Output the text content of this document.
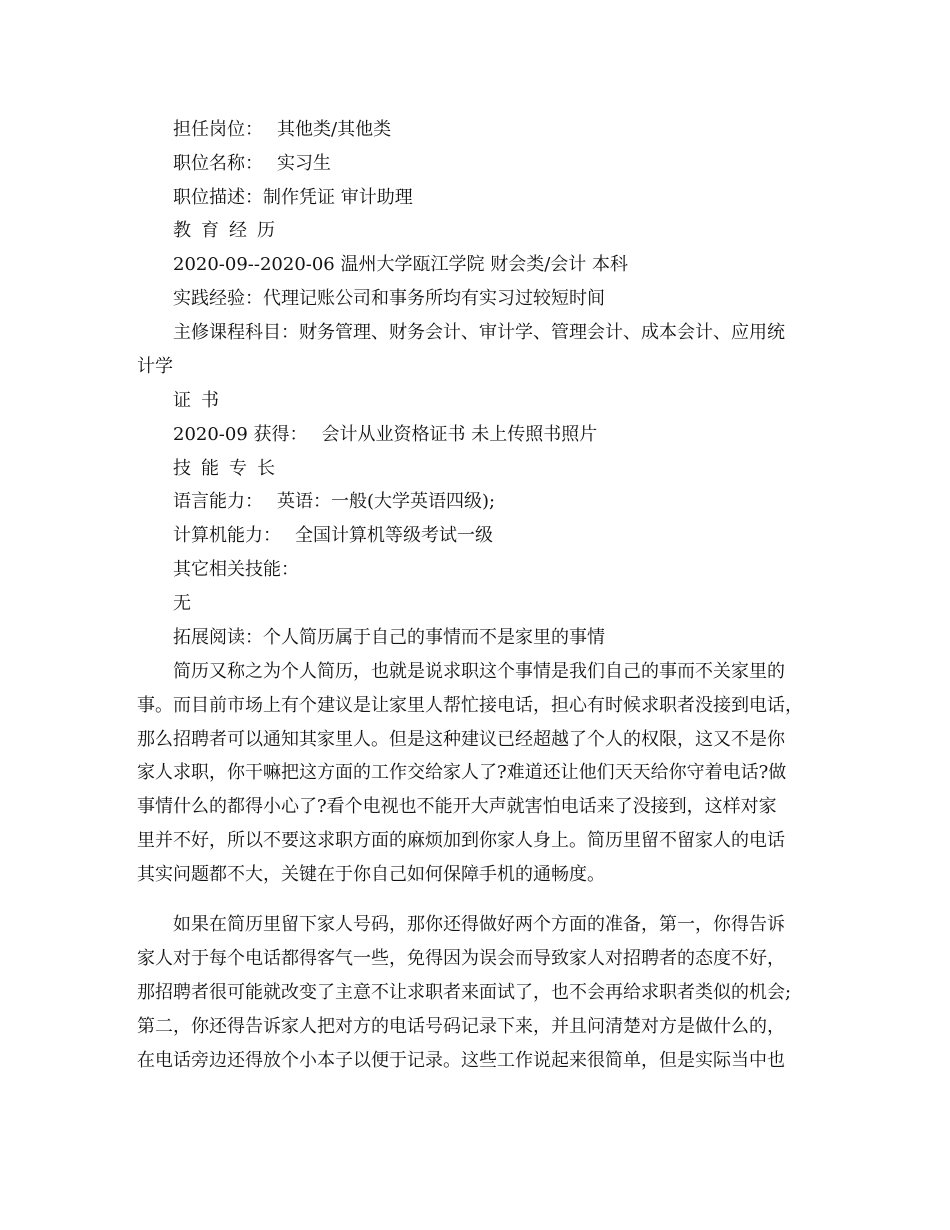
担任岗位： 其他类/其他类
职位名称： 实习生
职位描述：制作凭证 审计助理
教育经历
2020-09--2020-06 温州大学瓯江学院 财会类/会计 本科
实践经验：代理记账公司和事务所均有实习过较短时间
主修课程科目：财务管理、财务会计、审计学、管理会计、成本会计、应用统
计学
证书
2020-09 获得： 会计从业资格证书 未上传照书照片
技能专长
语言能力： 英语：一般(大学英语四级);
计算机能力： 全国计算机等级考试一级
其它相关技能：
无
拓展阅读：个人简历属于自己的事情而不是家里的事情
简历又称之为个人简历，也就是说求职这个事情是我们自己的事而不关家里的
事。而目前市场上有个建议是让家里人帮忙接电话，担心有时候求职者没接到电话，
那么招聘者可以通知其家里人。但是这种建议已经超越了个人的权限，这又不是你
家人求职，你干嘛把这方面的工作交给家人了?难道还让他们天天给你守着电话?做
事情什么的都得小心了?看个电视也不能开大声就害怕电话来了没接到，这样对家
里并不好，所以不要这求职方面的麻烦加到你家人身上。简历里留不留家人的电话
其实问题都不大，关键在于你自己如何保障手机的通畅度。
如果在简历里留下家人号码，那你还得做好两个方面的准备，第一，你得告诉
家人对于每个电话都得客气一些，免得因为误会而导致家人对招聘者的态度不好，
那招聘者很可能就改变了主意不让求职者来面试了，也不会再给求职者类似的机会;
第二，你还得告诉家人把对方的电话号码记录下来，并且问清楚对方是做什么的，
在电话旁边还得放个小本子以便于记录。这些工作说起来很简单，但是实际当中也
